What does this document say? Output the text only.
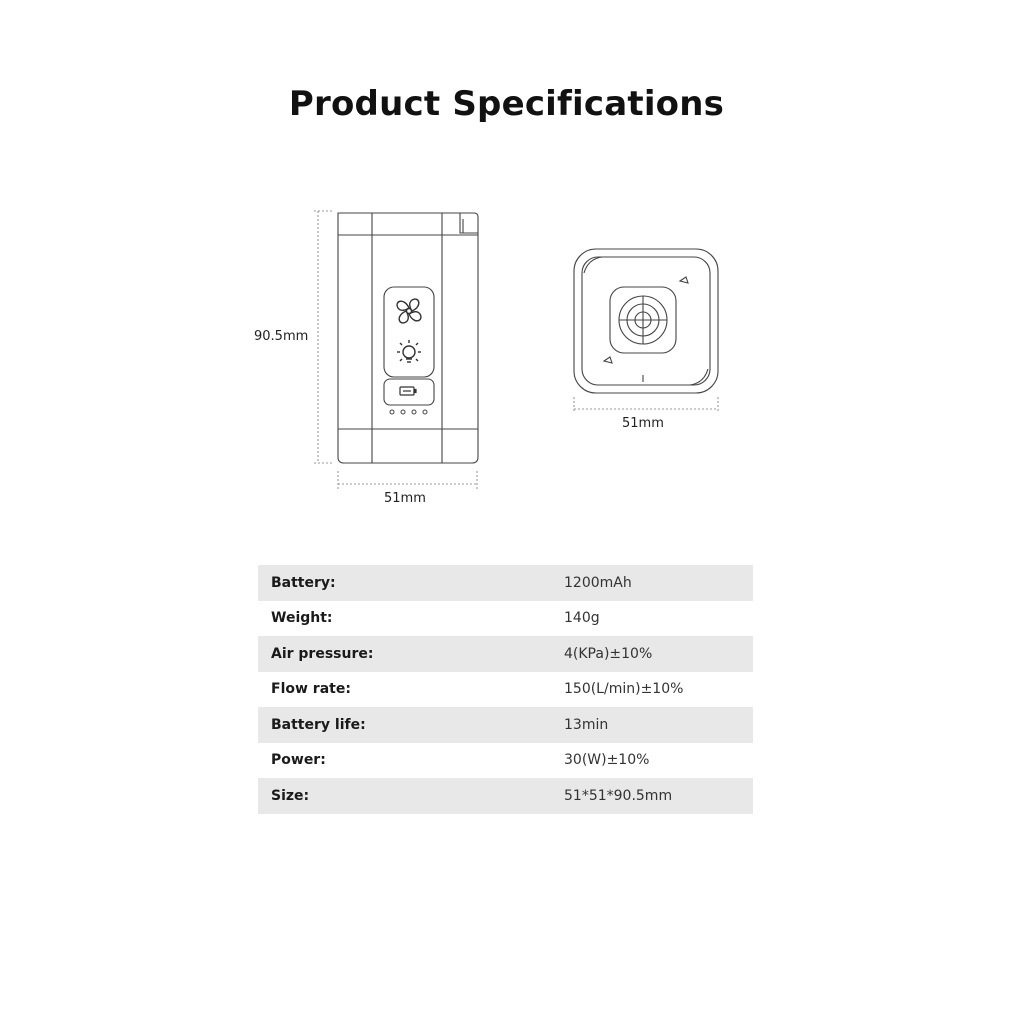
Product Specifications
90.5mm
51mm
51mm
Battery:	1200mAh
Weight:	140g
Air pressure:	4(KPa)±10%
Flow rate:	150(L/min)±10%
Battery life:	13min
Power:	30(W)±10%
Size:	51*51*90.5mm
